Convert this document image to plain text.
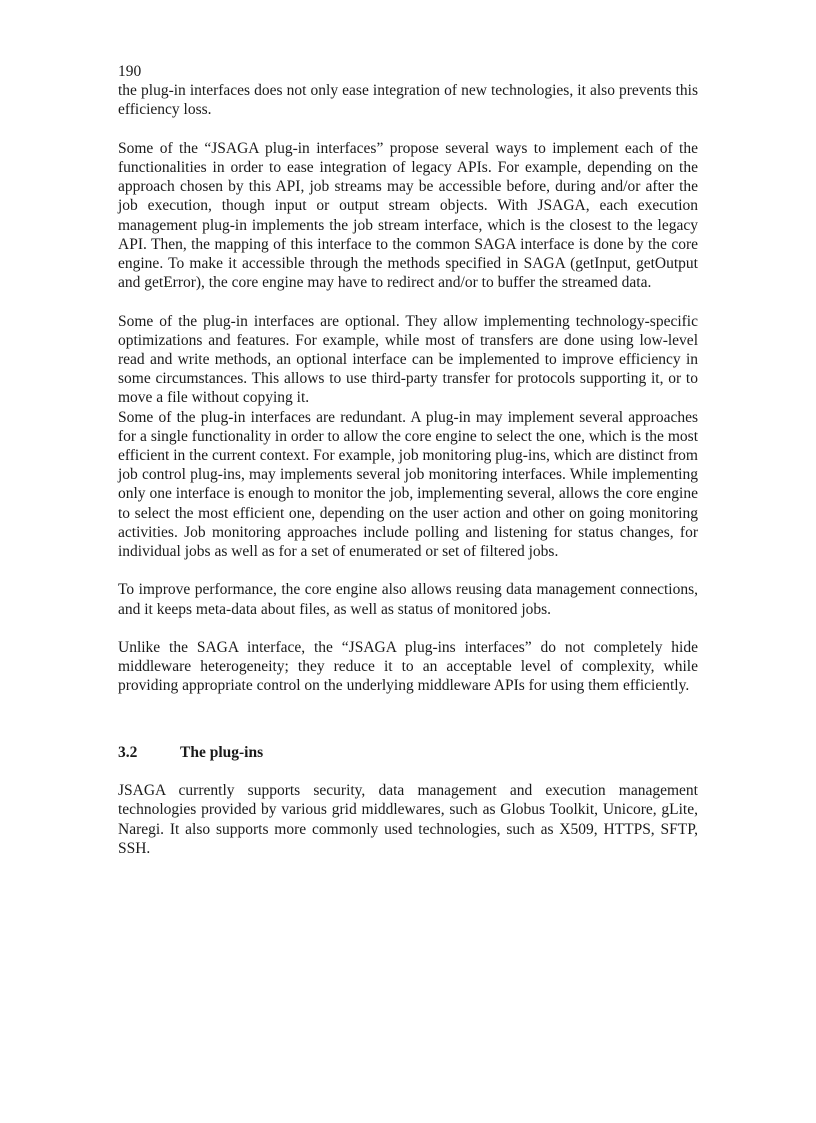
190

the plug-in interfaces does not only ease integration of new technologies, it also prevents this efficiency loss.

Some of the “JSAGA plug-in interfaces” propose several ways to implement each of the functionalities in order to ease integration of legacy APIs. For example, depending on the approach chosen by this API, job streams may be accessible before, during and/or after the job execution, though input or output stream objects. With JSAGA, each execution management plug-in implements the job stream interface, which is the closest to the legacy API. Then, the mapping of this interface to the common SAGA interface is done by the core engine. To make it accessible through the methods specified in SAGA (getInput, getOutput and getError), the core engine may have to redirect and/or to buffer the streamed data.

Some of the plug-in interfaces are optional. They allow implementing technology-specific optimizations and features. For example, while most of transfers are done using low-level read and write methods, an optional interface can be implemented to improve efficiency in some circumstances. This allows to use third-party transfer for protocols supporting it, or to move a file without copying it.

Some of the plug-in interfaces are redundant. A plug-in may implement several approaches for a single functionality in order to allow the core engine to select the one, which is the most efficient in the current context. For example, job monitoring plug-ins, which are distinct from job control plug-ins, may implements several job monitoring interfaces. While implementing only one interface is enough to monitor the job, implementing several, allows the core engine to select the most efficient one, depending on the user action and other on going monitoring activities. Job monitoring approaches include polling and listening for status changes, for individual jobs as well as for a set of enumerated or set of filtered jobs.

To improve performance, the core engine also allows reusing data management connections, and it keeps meta-data about files, as well as status of monitored jobs.

Unlike the SAGA interface, the “JSAGA plug-ins interfaces” do not completely hide middleware heterogeneity; they reduce it to an acceptable level of complexity, while providing appropriate control on the underlying middleware APIs for using them efficiently.

3.2	The plug-ins

JSAGA currently supports security, data management and execution management technologies provided by various grid middlewares, such as Globus Toolkit, Unicore, gLite, Naregi. It also supports more commonly used technologies, such as X509, HTTPS, SFTP, SSH.
